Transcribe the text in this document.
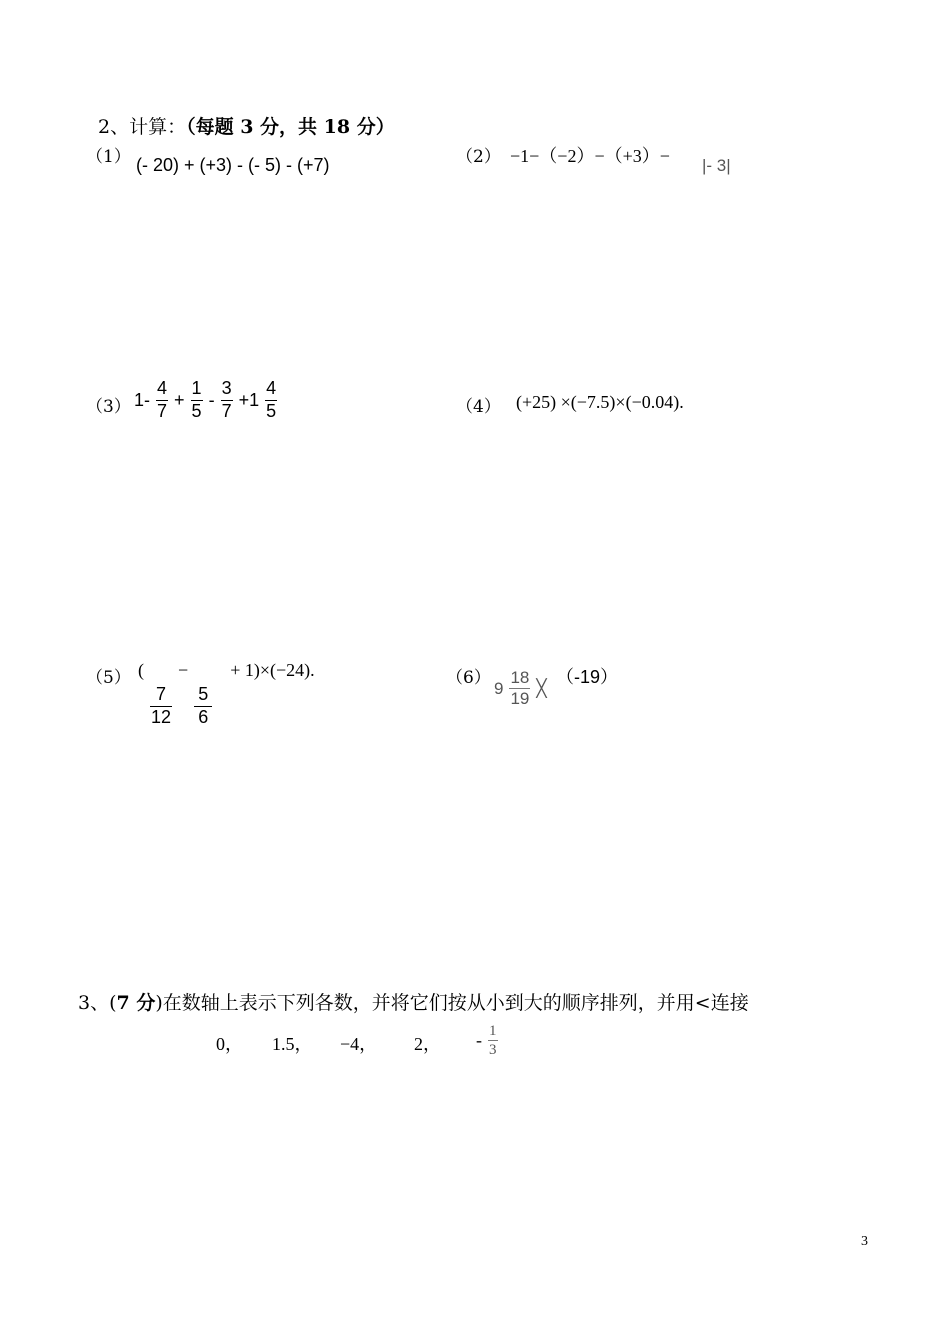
2、计算：（每题 3 分，共 18 分）
（1） (- 20) + (+3) - (- 5) - (+7)	（2） −1−（−2）−（+3）− |- 3|
（3） $1- \frac{4}{7} + \frac{1}{5} - \frac{3}{7} +1 \frac{4}{5}$	（4） (+25) ×(−7.5)×(−0.04).
（5） (
$\frac{7}{12}$
−
$\frac{5}{6}$
+ 1)×(−24).	（6）
$9 \frac{18}{19}$ ╳
（-19）
3、(7 分)在数轴上表示下列各数，并将它们按从小到大的顺序排列，并用<连接
0， 1.5， −4， 2， - $\frac{1}{3}$
3
